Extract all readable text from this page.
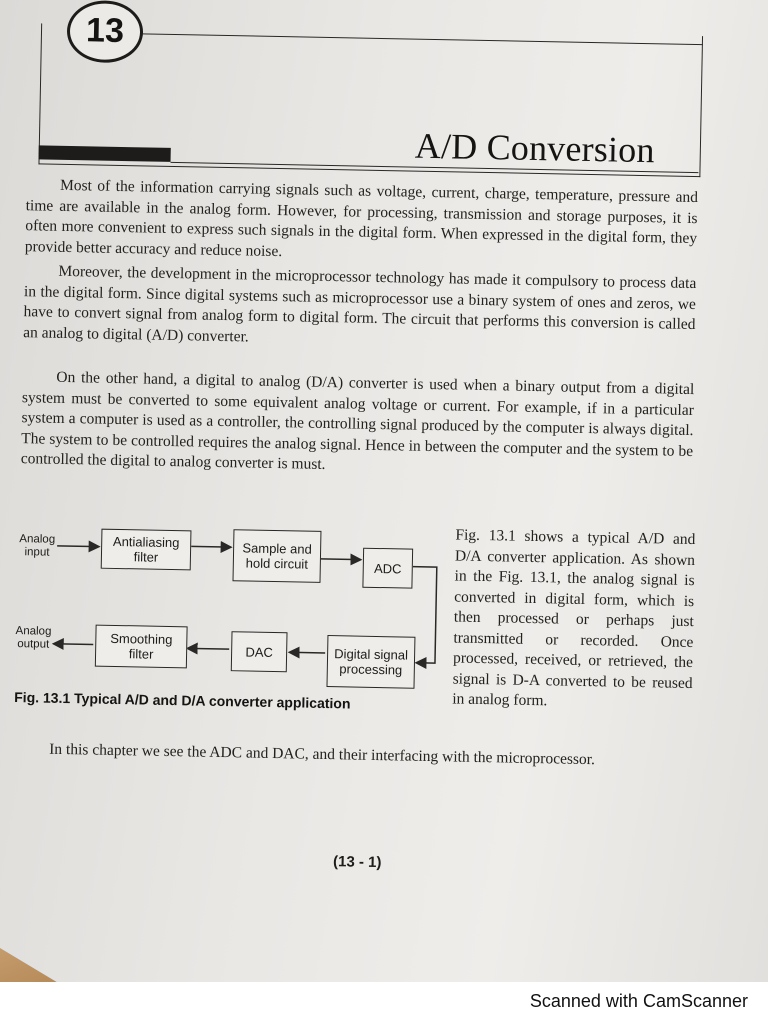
13
A/D Conversion

Most of the information carrying signals such as voltage, current, charge, temperature, pressure and time are available in the analog form. However, for processing, transmission and storage purposes, it is often more convenient to express such signals in the digital form. When expressed in the digital form, they provide better accuracy and reduce noise.

Moreover, the development in the microprocessor technology has made it compulsory to process data in the digital form. Since digital systems such as microprocessor use a binary system of ones and zeros, we have to convert signal from analog form to digital form. The circuit that performs this conversion is called an analog to digital (A/D) converter.

On the other hand, a digital to analog (D/A) converter is used when a binary output from a digital system must be converted to some equivalent analog voltage or current. For example, if in a particular system a computer is used as a controller, the controlling signal produced by the computer is always digital. The system to be controlled requires the analog signal. Hence in between the computer and the system to be controlled the digital to analog converter is must.

Analog
input
Analog
output
Antialiasing filter
Sample and hold circuit	ADC
Smoothing filter	DAC	Digital signal processing
Fig. 13.1 Typical A/D and D/A converter application

Fig. 13.1 shows a typical A/D and D/A converter application. As shown in the Fig. 13.1, the analog signal is converted in digital form, which is then processed or perhaps just transmitted or recorded. Once processed, received, or retrieved, the signal is D-A converted to be reused in analog form.

In this chapter we see the ADC and DAC, and their interfacing with the microprocessor.

(13 - 1)
Scanned with CamScanner
